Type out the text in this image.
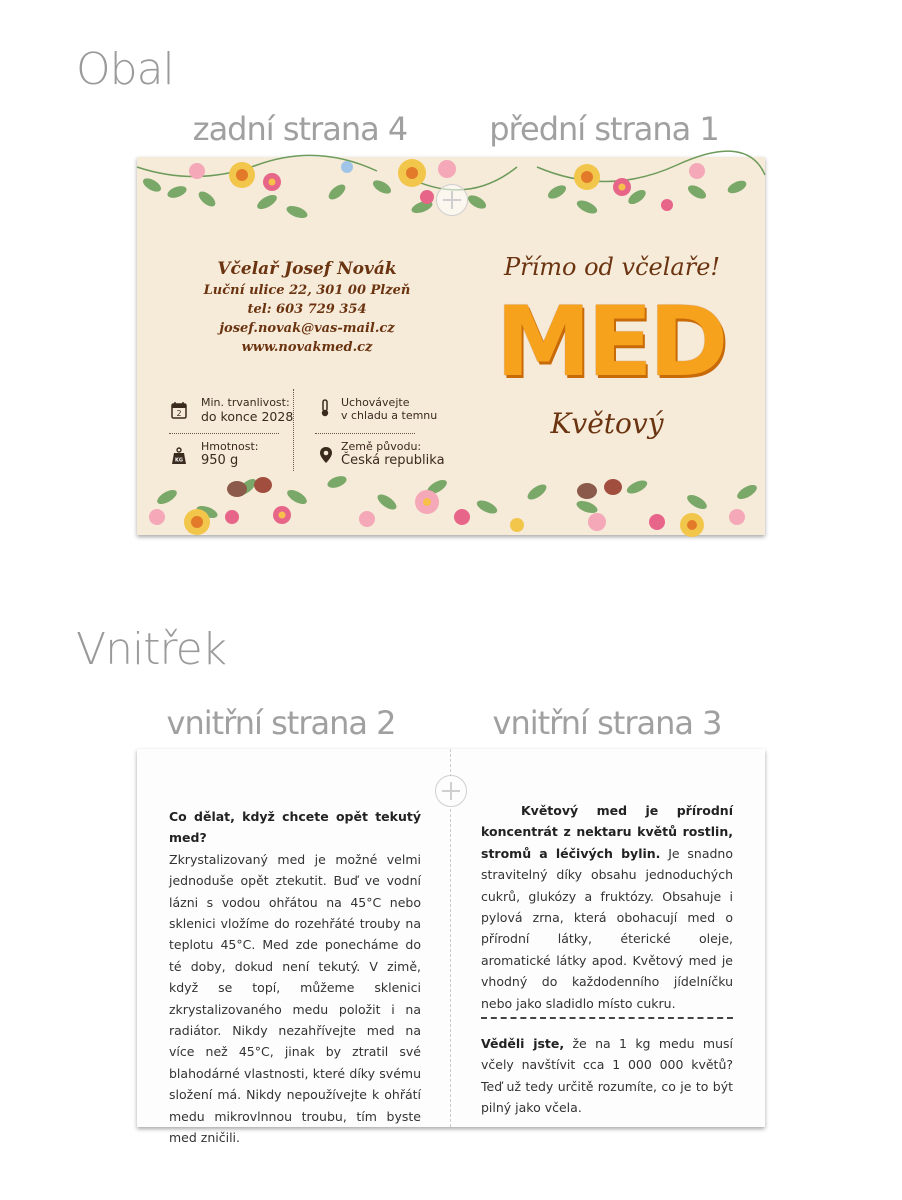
Obal
zadní strana 4	přední strana 1
Včelař Josef Novák
Luční ulice 22, 301 00 Plzeň
tel: 603 729 354
josef.novak@vas-mail.cz
www.novakmed.cz
2
Min. trvanlivost:
do konce 2028
Uchovávejte
v chladu a temnu
KG
Hmotnost:
950 g
Země původu:
Česká republika
Přímo od včelaře!
MED
Květový
Vnitřek
vnitřní strana 2	vnitřní strana 3
Co dělat, když chcete opět tekutý med?
Zkrystalizovaný med je možné velmi jednoduše opět ztekutit. Buď ve vodní lázni s vodou ohřátou na 45°C nebo sklenici vložíme do rozehřáté trouby na teplotu 45°C. Med zde ponecháme do té doby, dokud není tekutý. V zimě, když se topí, můžeme sklenici zkrystalizovaného medu položit i na radiátor. Nikdy nezahřívejte med na více než 45°C, jinak by ztratil své blahodárné vlastnosti, které díky svému složení má. Nikdy nepoužívejte k ohřátí medu mikrovlnnou troubu, tím byste med zničili.
Květový med je přírodní koncentrát z nektaru květů rostlin, stromů a léčivých bylin. Je snadno stravitelný díky obsahu jednoduchých cukrů, glukózy a fruktózy. Obsahuje i pylová zrna, která obohacují med o přírodní látky, éterické oleje, aromatické látky apod. Květový med je vhodný do každodenního jídelníčku nebo jako sladidlo místo cukru.
Věděli jste, že na 1 kg medu musí včely navštívit cca 1 000 000 květů? Teď už tedy určitě rozumíte, co je to být pilný jako včela.
